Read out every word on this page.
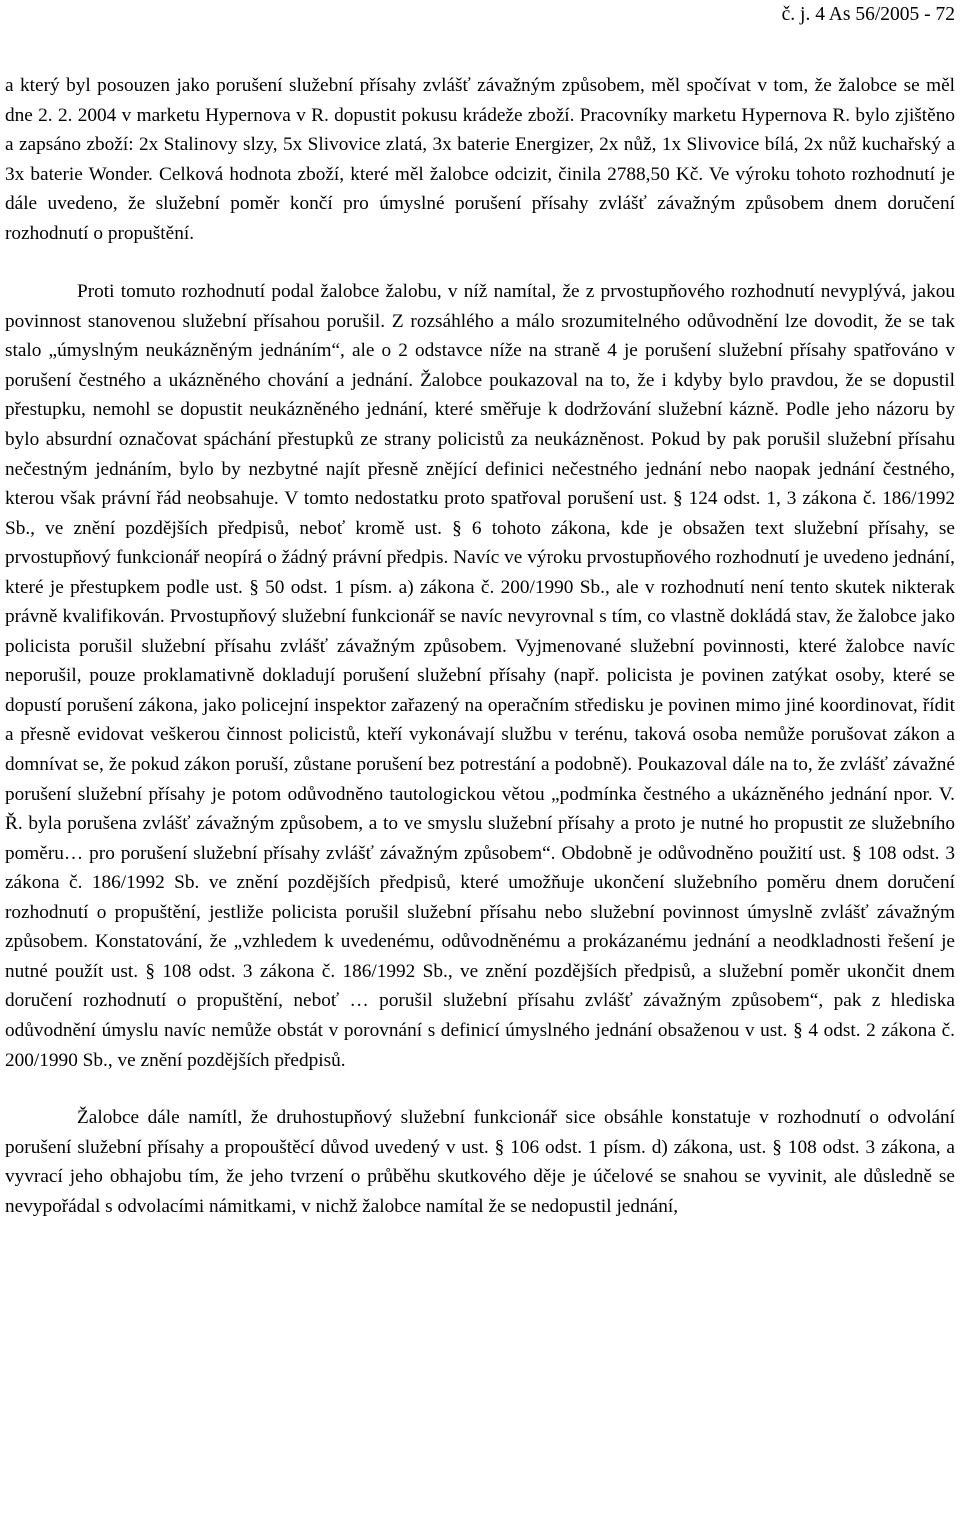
č. j. 4 As 56/2005 - 72

a který byl posouzen jako porušení služební přísahy zvlášť závažným způsobem, měl spočívat v tom, že žalobce se měl dne 2. 2. 2004 v marketu Hypernova v R. dopustit pokusu krádeže zboží. Pracovníky marketu Hypernova R. bylo zjištěno a zapsáno zboží: 2x Stalinovy slzy, 5x Slivovice zlatá, 3x baterie Energizer, 2x nůž, 1x Slivovice bílá, 2x nůž kuchařský a 3x baterie Wonder. Celková hodnota zboží, které měl žalobce odcizit, činila 2788,50 Kč. Ve výroku tohoto rozhodnutí je dále uvedeno, že služební poměr končí pro úmyslné porušení přísahy zvlášť závažným způsobem dnem doručení rozhodnutí o propuštění.

Proti tomuto rozhodnutí podal žalobce žalobu, v níž namítal, že z prvostupňového rozhodnutí nevyplývá, jakou povinnost stanovenou služební přísahou porušil. Z rozsáhlého a málo srozumitelného odůvodnění lze dovodit, že se tak stalo „úmyslným neukázněným jednáním“, ale o 2 odstavce níže na straně 4 je porušení služební přísahy spatřováno v porušení čestného a ukázněného chování a jednání. Žalobce poukazoval na to, že i kdyby bylo pravdou, že se dopustil přestupku, nemohl se dopustit neukázněného jednání, které směřuje k dodržování služební kázně. Podle jeho názoru by bylo absurdní označovat spáchání přestupků ze strany policistů za neukázněnost. Pokud by pak porušil služební přísahu nečestným jednáním, bylo by nezbytné najít přesně znějící definici nečestného jednání nebo naopak jednání čestného, kterou však právní řád neobsahuje. V tomto nedostatku proto spatřoval porušení ust. § 124 odst. 1, 3 zákona č. 186/1992 Sb., ve znění pozdějších předpisů, neboť kromě ust. § 6 tohoto zákona, kde je obsažen text služební přísahy, se prvostupňový funkcionář neopírá o žádný právní předpis. Navíc ve výroku prvostupňového rozhodnutí je uvedeno jednání, které je přestupkem podle ust. § 50 odst. 1 písm. a) zákona č. 200/1990 Sb., ale v rozhodnutí není tento skutek nikterak právně kvalifikován. Prvostupňový služební funkcionář se navíc nevyrovnal s tím, co vlastně dokládá stav, že žalobce jako policista porušil služební přísahu zvlášť závažným způsobem. Vyjmenované služební povinnosti, které žalobce navíc neporušil, pouze proklamativně dokladují porušení služební přísahy (např. policista je povinen zatýkat osoby, které se dopustí porušení zákona, jako policejní inspektor zařazený na operačním středisku je povinen mimo jiné koordinovat, řídit a přesně evidovat veškerou činnost policistů, kteří vykonávají službu v terénu, taková osoba nemůže porušovat zákon a domnívat se, že pokud zákon poruší, zůstane porušení bez potrestání a podobně). Poukazoval dále na to, že zvlášť závažné porušení služební přísahy je potom odůvodněno tautologickou větou „podmínka čestného a ukázněného jednání npor. V. Ř. byla porušena zvlášť závažným způsobem, a to ve smyslu služební přísahy a proto je nutné ho propustit ze služebního poměru… pro porušení služební přísahy zvlášť závažným způsobem“. Obdobně je odůvodněno použití ust. § 108 odst. 3 zákona č. 186/1992 Sb. ve znění pozdějších předpisů, které umožňuje ukončení služebního poměru dnem doručení rozhodnutí o propuštění, jestliže policista porušil služební přísahu nebo služební povinnost úmyslně zvlášť závažným způsobem. Konstatování, že „vzhledem k uvedenému, odůvodněnému a prokázanému jednání a neodkladnosti řešení je nutné použít ust. § 108 odst. 3 zákona č. 186/1992 Sb., ve znění pozdějších předpisů, a služební poměr ukončit dnem doručení rozhodnutí o propuštění, neboť … porušil služební přísahu zvlášť závažným způsobem“, pak z hlediska odůvodnění úmyslu navíc nemůže obstát v porovnání s definicí úmyslného jednání obsaženou v ust. § 4 odst. 2 zákona č. 200/1990 Sb., ve znění pozdějších předpisů.

Žalobce dále namítl, že druhostupňový služební funkcionář sice obsáhle konstatuje v rozhodnutí o odvolání porušení služební přísahy a propouštěcí důvod uvedený v ust. § 106 odst. 1 písm. d) zákona, ust. § 108 odst. 3 zákona, a vyvrací jeho obhajobu tím, že jeho tvrzení o průběhu skutkového děje je účelové se snahou se vyvinit, ale důsledně se nevypořádal s odvolacími námitkami, v nichž žalobce namítal že se nedopustil jednání,
